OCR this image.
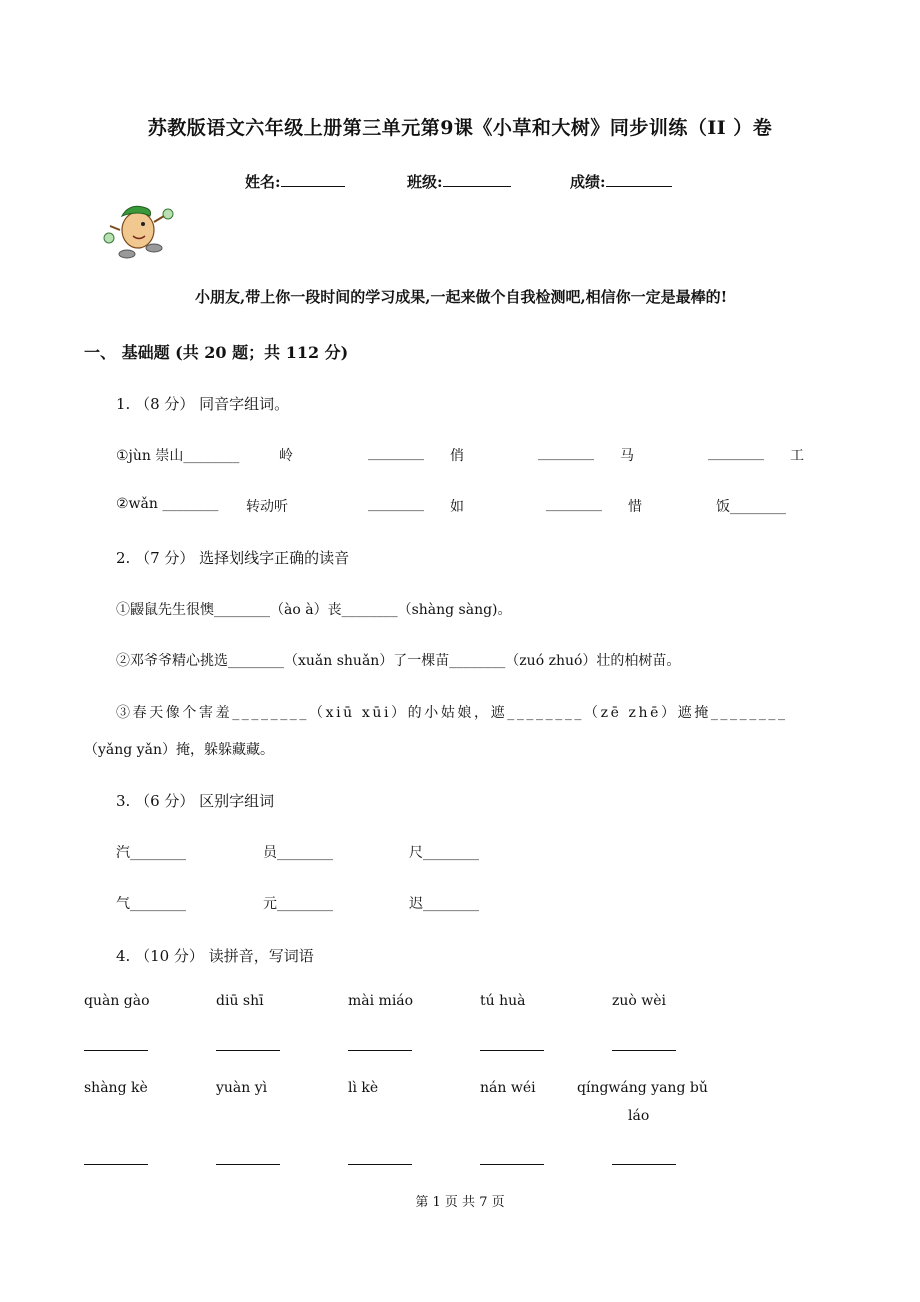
苏教版语文六年级上册第三单元第9课《小草和大树》同步训练（II ）卷
姓名:	班级:	成绩:
小朋友,带上你一段时间的学习成果,一起来做个自我检测吧,相信你一定是最棒的!
一、 基础题 (共 20 题；共 112 分)
1. （8 分） 同音字组词。
①jùn 崇山________	岭	________ 俏	________ 马	________ 工
②wǎn ________ 转动听	________ 如	________ 惜	饭________
2. （7 分） 选择划线字正确的读音
①鼹鼠先生很懊________（ào à）丧________（shàng sàng)。
②邓爷爷精心挑选________（xuǎn shuǎn）了一棵苗________（zuó zhuó）壮的柏树苗。
③春天像个害羞________（xiū xūi）的小姑娘，遮________（zē zhē）遮掩________
（yǎng yǎn）掩，躲躲藏藏。
3. （6 分） 区别字组词
汽________	员________	尺________
气________	元________	迟________
4. （10 分） 读拼音，写词语
quàn gào	diū shī	mài miáo	tú huà	zuò wèi
shàng kè	yuàn yì	lì kè	nán wéi	qíngwáng yang bǔ
láo
第 1 页 共 7 页
